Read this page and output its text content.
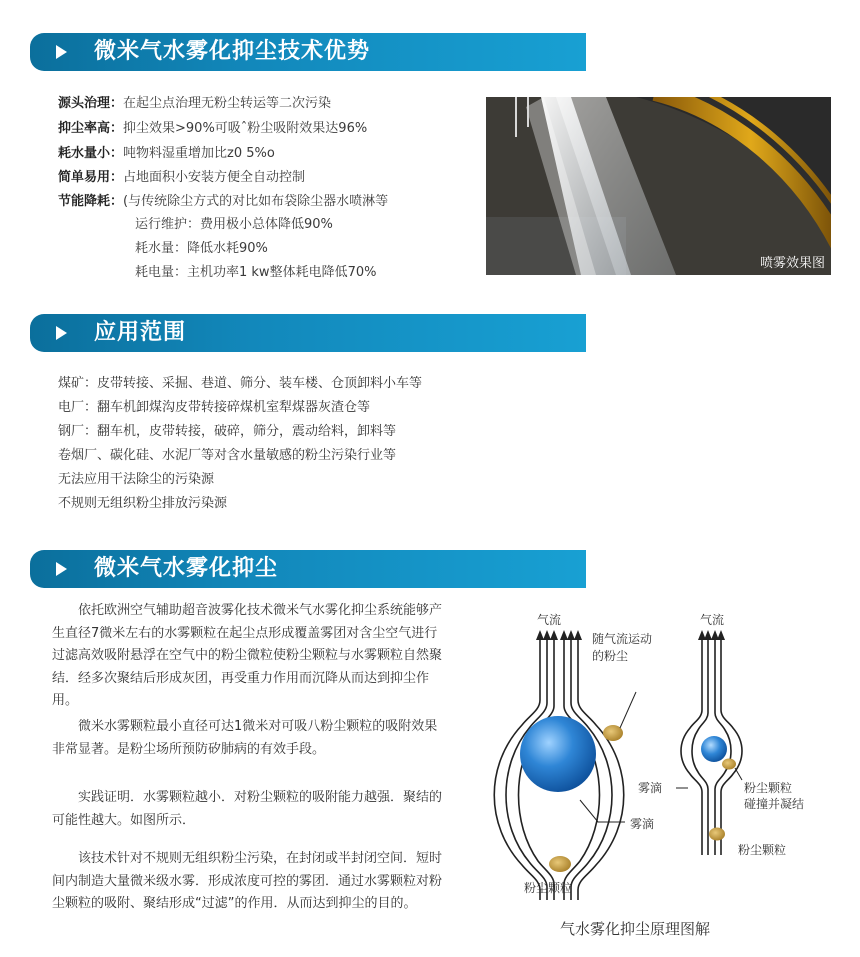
微米气水雾化抑尘技术优势
源头治理：在起尘点治理无粉尘转运等二次污染
抑尘率高：抑尘效果>90%可吸ˆ粉尘吸附效果达96%
耗水量小：吨物料湿重增加比z0 5%o
简单易用：占地面积小安装方便全自动控制
节能降耗：(与传统除尘方式的对比如布袋除尘器水喷淋等
运行维护：费用极小总体降低90%
耗水量：降低水耗90%
耗电量：主机功率1 kw整体耗电降低70%
喷雾效果图
应用范围
煤矿：皮带转接、采掘、巷道、筛分、装车楼、仓顶卸料小车等
电厂：翻车机卸煤沟皮带转接碎煤机室犁煤器灰渣仓等
钢厂：翻车机，皮带转接，破碎，筛分，震动给料，卸料等
卷烟厂、碳化硅、水泥厂等对含水量敏感的粉尘污染行业等
无法应用干法除尘的污染源
不规则无组织粉尘排放污染源
微米气水雾化抑尘
依托欧洲空气辅助超音波雾化技术微米气水雾化抑尘系统能够产生直径7微米左右的水雾颗粒在起尘点形成覆盖雾团对含尘空气进行过滤高效吸附悬浮在空气中的粉尘微粒使粉尘颗粒与水雾颗粒自然聚结．经多次聚结后形成灰团，再受重力作用而沉降从而达到抑尘作用。
微米水雾颗粒最小直径可达1微米对可吸八粉尘颗粒的吸附效果非常显著。是粉尘场所预防矽肺病的有效手段。
实践证明．水雾颗粒越小．对粉尘颗粒的吸附能力越强．聚结的可能性越大。如图所示．
该技术针对不规则无组织粉尘污染，在封闭或半封闭空间．短时间内制造大量微米级水雾．形成浓度可控的雾团．通过水雾颗粒对粉尘颗粒的吸附、聚结形成“过滤”的作用．从而达到抑尘的目的。
气流
随气流运动
的粉尘
雾滴
粉尘颗粒
气流
雾滴	粉尘颗粒
碰撞并凝结
粉尘颗粒
气水雾化抑尘原理图解
